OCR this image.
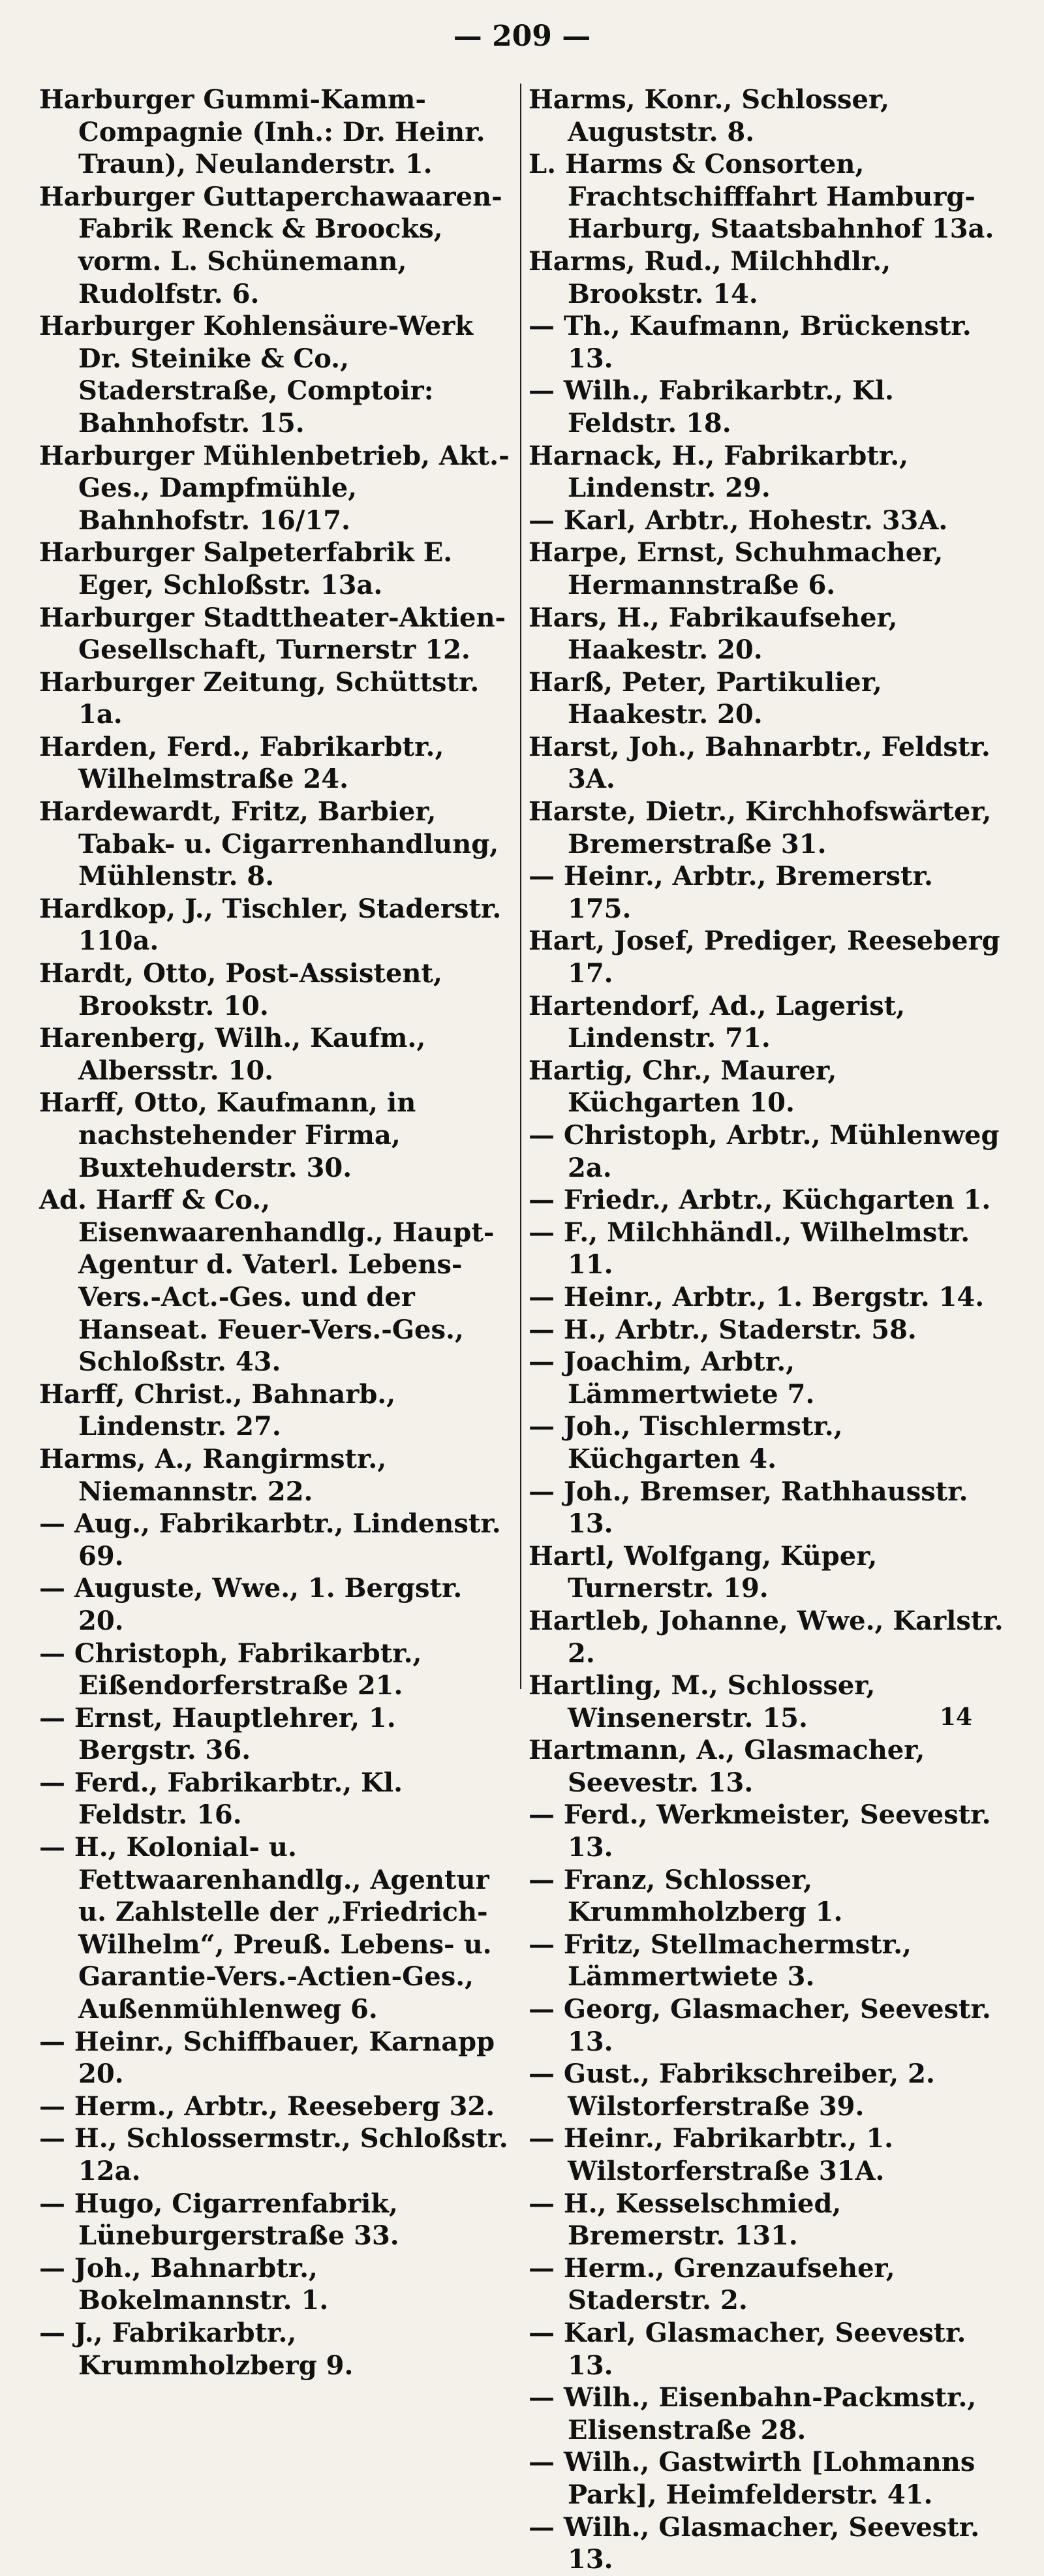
— 209 —

Harburger Gummi-Kamm-Compagnie (Inh.: Dr. Heinr. Traun), Neulanderstr. 1.

Harburger Guttaperchawaaren-Fabrik Renck & Broocks, vorm. L. Schünemann, Rudolfstr. 6.

Harburger Kohlensäure-Werk Dr. Steinike & Co., Staderstraße, Comptoir: Bahnhofstr. 15.

Harburger Mühlenbetrieb, Akt.-Ges., Dampfmühle, Bahnhofstr. 16/17.

Harburger Salpeterfabrik E. Eger, Schloßstr. 13a.

Harburger Stadttheater-Aktien-Gesellschaft, Turnerstr 12.

Harburger Zeitung, Schüttstr. 1a.

Harden, Ferd., Fabrikarbtr., Wilhelmstraße 24.

Hardewardt, Fritz, Barbier, Tabak- u. Cigarrenhandlung, Mühlenstr. 8.

Hardkop, J., Tischler, Staderstr. 110a.

Hardt, Otto, Post-Assistent, Brookstr. 10.

Harenberg, Wilh., Kaufm., Albersstr. 10.

Harff, Otto, Kaufmann, in nachstehender Firma, Buxtehuderstr. 30.

Ad. Harff & Co., Eisenwaarenhandlg., Haupt-Agentur d. Vaterl. Lebens-Vers.-Act.-Ges. und der Hanseat. Feuer-Vers.-Ges., Schloßstr. 43.

Harff, Christ., Bahnarb., Lindenstr. 27.

Harms, A., Rangirmstr., Niemannstr. 22.

— Aug., Fabrikarbtr., Lindenstr. 69.

— Auguste, Wwe., 1. Bergstr. 20.

— Christoph, Fabrikarbtr., Eißendorferstraße 21.

— Ernst, Hauptlehrer, 1. Bergstr. 36.

— Ferd., Fabrikarbtr., Kl. Feldstr. 16.

— H., Kolonial- u. Fettwaarenhandlg., Agentur u. Zahlstelle der „Friedrich-Wilhelm“, Preuß. Lebens- u. Garantie-Vers.-Actien-Ges., Außenmühlenweg 6.

— Heinr., Schiffbauer, Karnapp 20.

— Herm., Arbtr., Reeseberg 32.

— H., Schlossermstr., Schloßstr. 12a.

— Hugo, Cigarrenfabrik, Lüneburgerstraße 33.

— Joh., Bahnarbtr., Bokelmannstr. 1.

— J., Fabrikarbtr., Krummholzberg 9.

Harms, Konr., Schlosser, Auguststr. 8.

L. Harms & Consorten, Frachtschifffahrt Hamburg-Harburg, Staatsbahnhof 13a.

Harms, Rud., Milchhdlr., Brookstr. 14.

— Th., Kaufmann, Brückenstr. 13.

— Wilh., Fabrikarbtr., Kl. Feldstr. 18.

Harnack, H., Fabrikarbtr., Lindenstr. 29.

— Karl, Arbtr., Hohestr. 33A.

Harpe, Ernst, Schuhmacher, Hermannstraße 6.

Hars, H., Fabrikaufseher, Haakestr. 20.

Harß, Peter, Partikulier, Haakestr. 20.

Harst, Joh., Bahnarbtr., Feldstr. 3A.

Harste, Dietr., Kirchhofswärter, Bremerstraße 31.

— Heinr., Arbtr., Bremerstr. 175.

Hart, Josef, Prediger, Reeseberg 17.

Hartendorf, Ad., Lagerist, Lindenstr. 71.

Hartig, Chr., Maurer, Küchgarten 10.

— Christoph, Arbtr., Mühlenweg 2a.

— Friedr., Arbtr., Küchgarten 1.

— F., Milchhändl., Wilhelmstr. 11.

— Heinr., Arbtr., 1. Bergstr. 14.

— H., Arbtr., Staderstr. 58.

— Joachim, Arbtr., Lämmertwiete 7.

— Joh., Tischlermstr., Küchgarten 4.

— Joh., Bremser, Rathhausstr. 13.

Hartl, Wolfgang, Küper, Turnerstr. 19.

Hartleb, Johanne, Wwe., Karlstr. 2.

Hartling, M., Schlosser, Winsenerstr. 15.

Hartmann, A., Glasmacher, Seevestr. 13.

— Ferd., Werkmeister, Seevestr. 13.

— Franz, Schlosser, Krummholzberg 1.

— Fritz, Stellmachermstr., Lämmertwiete 3.

— Georg, Glasmacher, Seevestr. 13.

— Gust., Fabrikschreiber, 2. Wilstorferstraße 39.

— Heinr., Fabrikarbtr., 1. Wilstorferstraße 31A.

— H., Kesselschmied, Bremerstr. 131.

— Herm., Grenzaufseher, Staderstr. 2.

— Karl, Glasmacher, Seevestr. 13.

— Wilh., Eisenbahn-Packmstr., Elisenstraße 28.

— Wilh., Gastwirth [Lohmanns Park], Heimfelderstr. 41.

— Wilh., Glasmacher, Seevestr. 13.

14
